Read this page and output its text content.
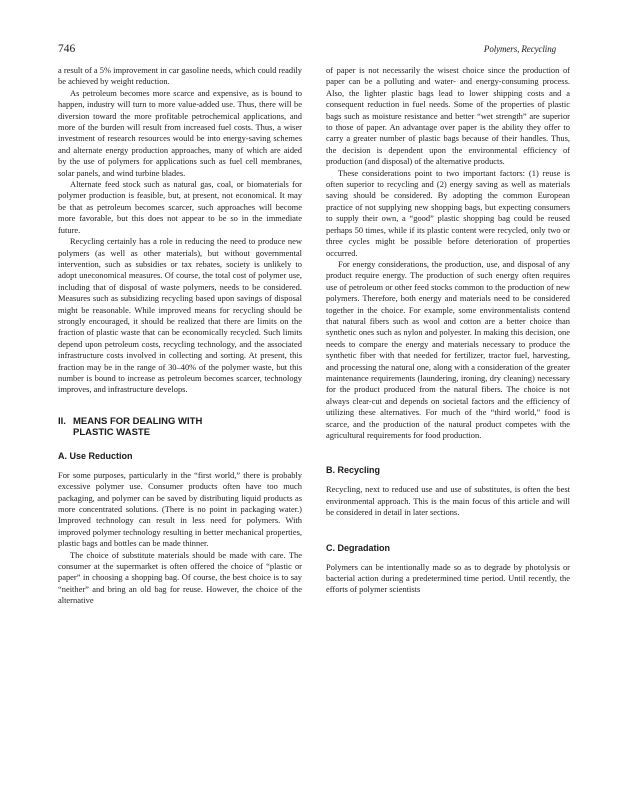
746	Polymers, Recycling

a result of a 5% improvement in car gasoline needs, which could readily be achieved by weight reduction.

As petroleum becomes more scarce and expensive, as is bound to happen, industry will turn to more value-added use. Thus, there will be diversion toward the more profitable petrochemical applications, and more of the burden will result from increased fuel costs. Thus, a wiser investment of research resources would be into energy-saving schemes and alternate energy production approaches, many of which are aided by the use of polymers for applications such as fuel cell membranes, solar panels, and wind turbine blades.

Alternate feed stock such as natural gas, coal, or biomaterials for polymer production is feasible, but, at present, not economical. It may be that as petroleum becomes scarcer, such approaches will become more favorable, but this does not appear to be so in the immediate future.

Recycling certainly has a role in reducing the need to produce new polymers (as well as other materials), but without governmental intervention, such as subsidies or tax rebates, society is unlikely to adopt uneconomical measures. Of course, the total cost of polymer use, including that of disposal of waste polymers, needs to be considered. Measures such as subsidizing recycling based upon savings of disposal might be reasonable. While improved means for recycling should be strongly encouraged, it should be realized that there are limits on the fraction of plastic waste that can be economically recycled. Such limits depend upon petroleum costs, recycling technology, and the associated infrastructure costs involved in collecting and sorting. At present, this fraction may be in the range of 30–40% of the polymer waste, but this number is bound to increase as petroleum becomes scarcer, technology improves, and infrastructure develops.

II. MEANS FOR DEALING WITH
PLASTIC WASTE
A. Use Reduction

For some purposes, particularly in the “first world,” there is probably excessive polymer use. Consumer products often have too much packaging, and polymer can be saved by distributing liquid products as more concentrated solutions. (There is no point in packaging water.) Improved technology can result in less need for polymers. With improved polymer technology resulting in better mechanical properties, plastic bags and bottles can be made thinner.

The choice of substitute materials should be made with care. The consumer at the supermarket is often offered the choice of “plastic or paper” in choosing a shopping bag. Of course, the best choice is to say “neither” and bring an old bag for reuse. However, the choice of the alternative

of paper is not necessarily the wisest choice since the production of paper can be a polluting and water- and energy-consuming process. Also, the lighter plastic bags lead to lower shipping costs and a consequent reduction in fuel needs. Some of the properties of plastic bags such as moisture resistance and better “wet strength” are superior to those of paper. An advantage over paper is the ability they offer to carry a greater number of plastic bags because of their handles. Thus, the decision is dependent upon the environmental efficiency of production (and disposal) of the alternative products.

These considerations point to two important factors: (1) reuse is often superior to recycling and (2) energy saving as well as materials saving should be considered. By adopting the common European practice of not supplying new shopping bags, but expecting consumers to supply their own, a “good” plastic shopping bag could be reused perhaps 50 times, while if its plastic content were recycled, only two or three cycles might be possible before deterioration of properties occurred.

For energy considerations, the production, use, and disposal of any product require energy. The production of such energy often requires use of petroleum or other feed stocks common to the production of new polymers. Therefore, both energy and materials need to be considered together in the choice. For example, some environmentalists contend that natural fibers such as wool and cotton are a better choice than synthetic ones such as nylon and polyester. In making this decision, one needs to compare the energy and materials necessary to produce the synthetic fiber with that needed for fertilizer, tractor fuel, harvesting, and processing the natural one, along with a consideration of the greater maintenance requirements (laundering, ironing, dry cleaning) necessary for the product produced from the natural fibers. The choice is not always clear-cut and depends on societal factors and the efficiency of utilizing these alternatives. For much of the “third world,” food is scarce, and the production of the natural product competes with the agricultural requirements for food production.

B. Recycling

Recycling, next to reduced use and use of substitutes, is often the best environmental approach. This is the main focus of this article and will be considered in detail in later sections.

C. Degradation

Polymers can be intentionally made so as to degrade by photolysis or bacterial action during a predetermined time period. Until recently, the efforts of polymer scientists
